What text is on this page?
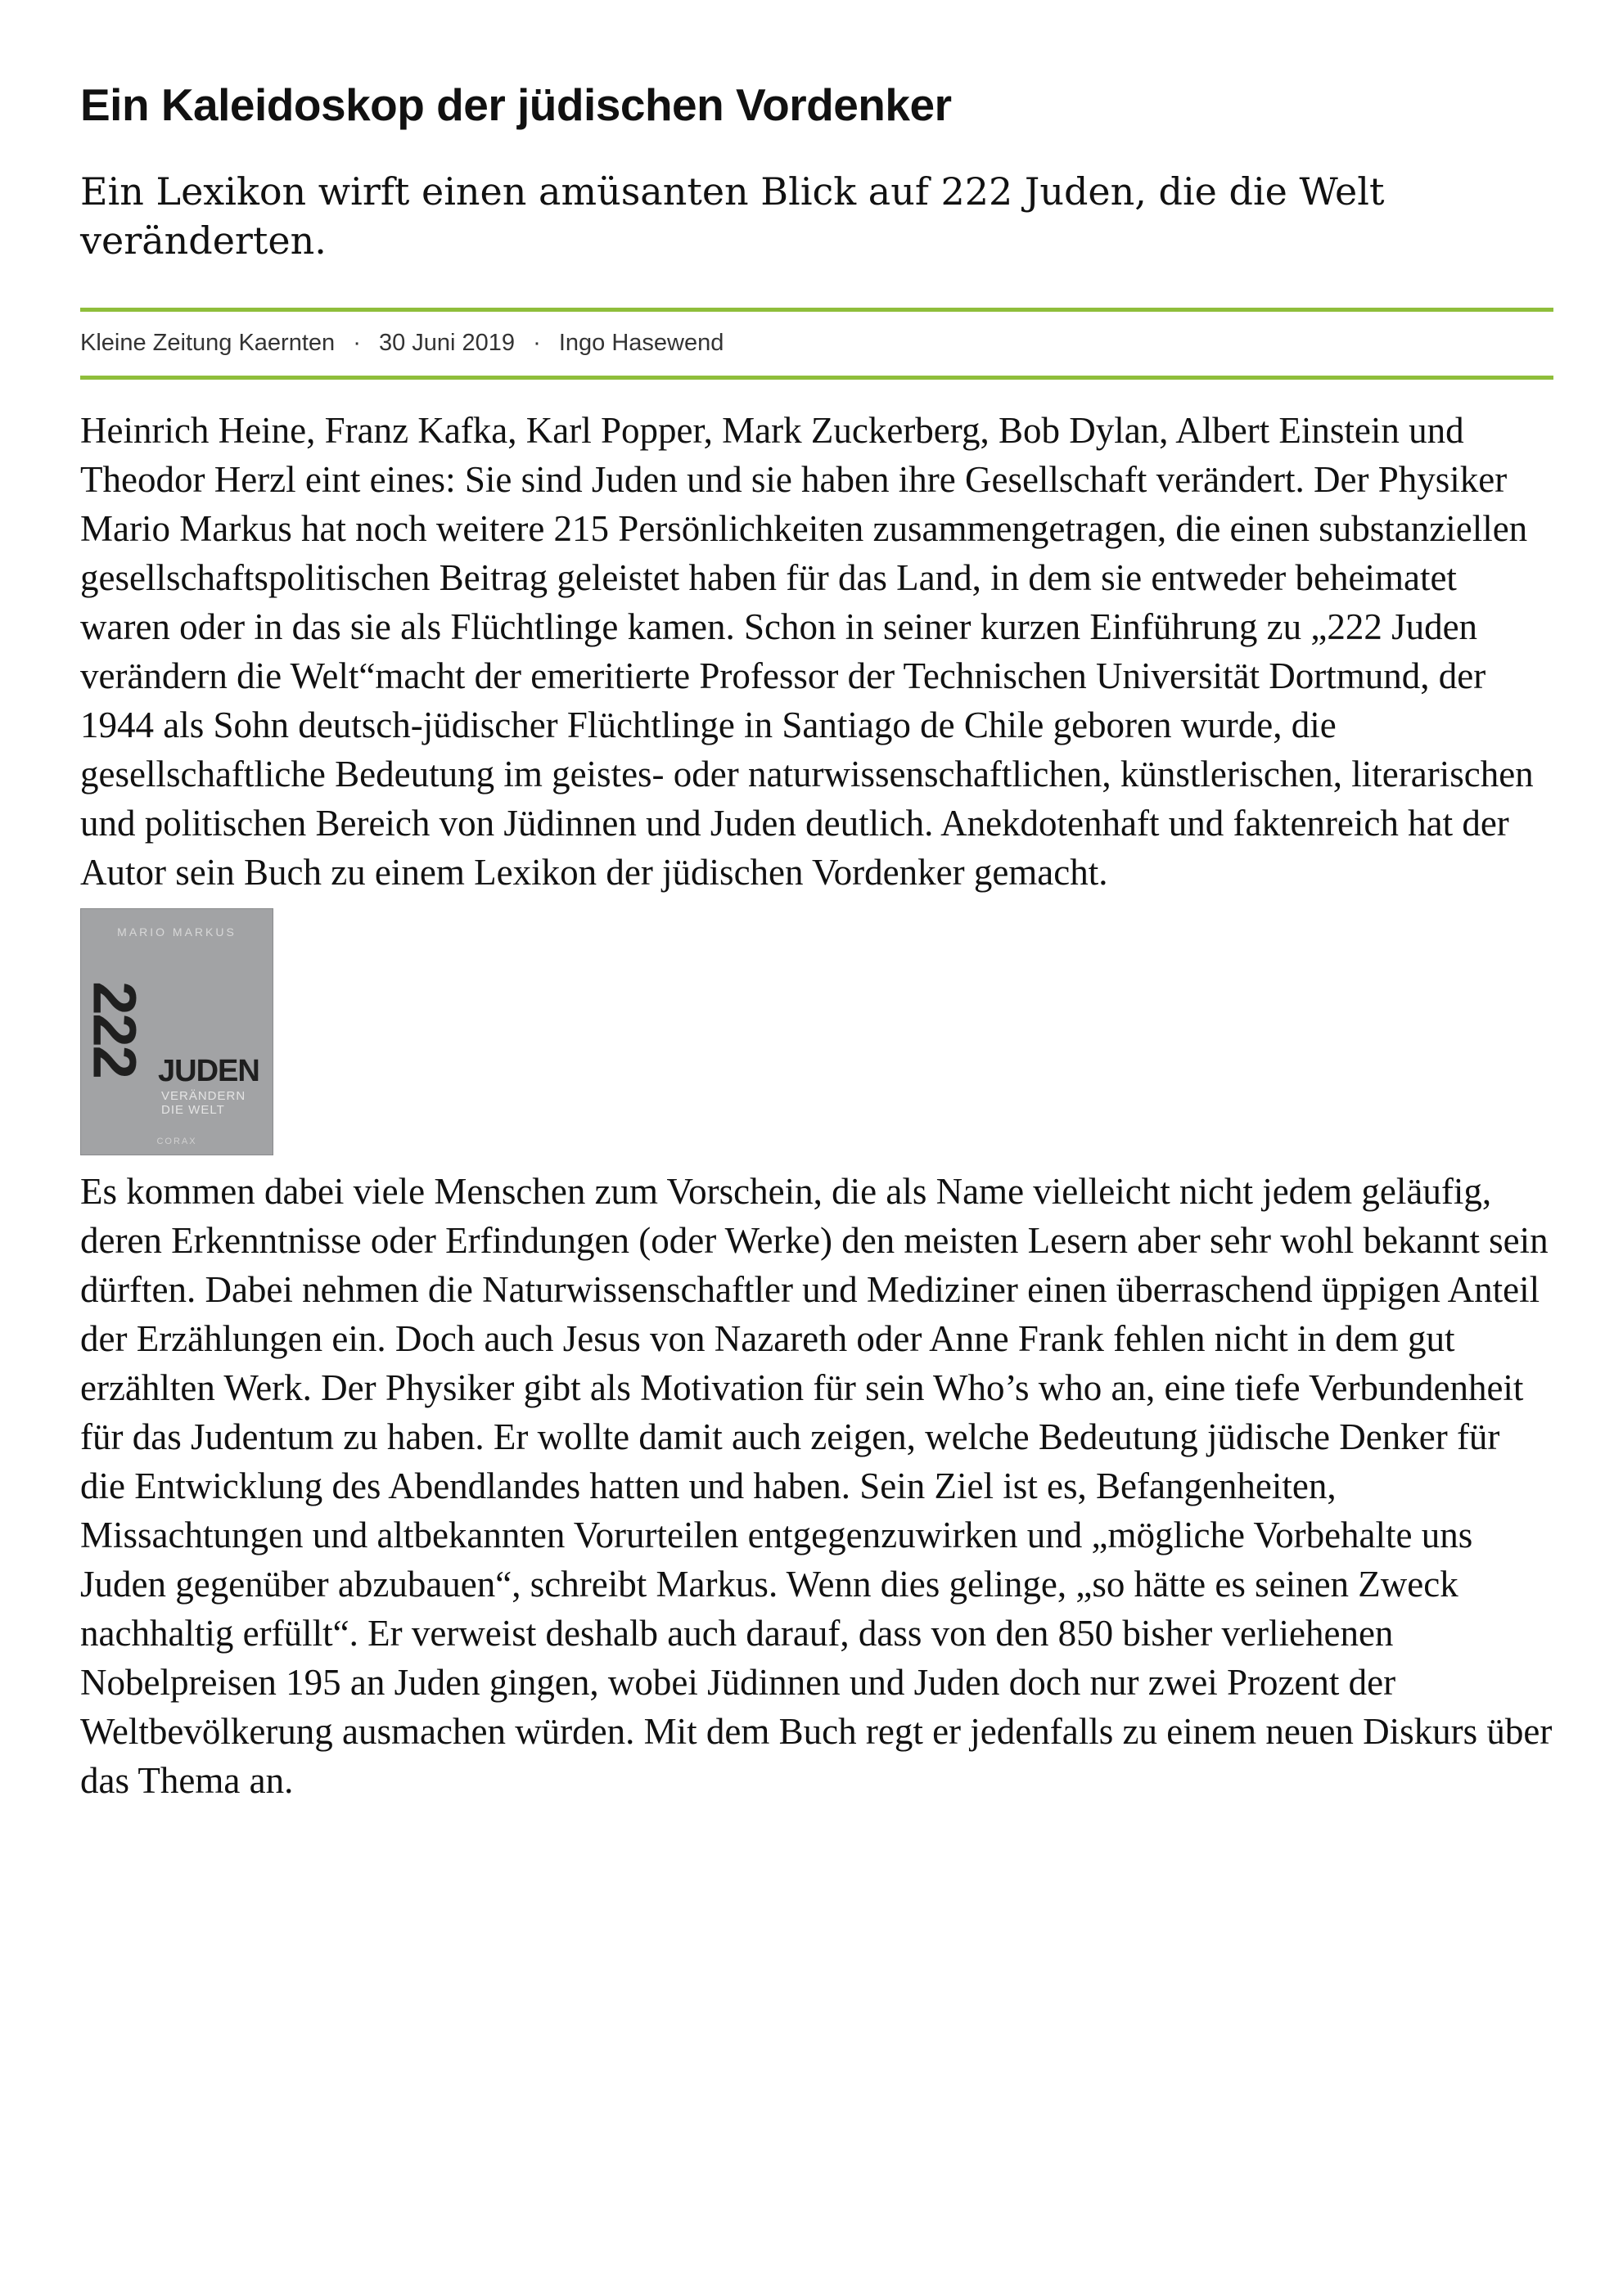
Ein Kaleidoskop der jüdischen Vordenker

Ein Lexikon wirft einen amüsanten Blick auf 222 Juden, die die Welt veränderten.

Kleine Zeitung Kaernten · 30 Juni 2019 · Ingo Hasewend

Heinrich Heine, Franz Kafka, Karl Popper, Mark Zuckerberg, Bob Dylan, Albert Einstein und Theodor Herzl eint eines: Sie sind Juden und sie haben ihre Gesellschaft verändert. Der Physiker Mario Markus hat noch weitere 215 Persönlichkeiten zusammengetragen, die einen substanziellen gesellschaftspolitischen Beitrag geleistet haben für das Land, in dem sie entweder beheimatet waren oder in das sie als Flüchtlinge kamen. Schon in seiner kurzen Einführung zu „222 Juden verändern die Welt“macht der emeritierte Professor der Technischen Universität Dortmund, der 1944 als Sohn deutsch-jüdischer Flüchtlinge in Santiago de Chile geboren wurde, die gesellschaftliche Bedeutung im geistes- oder naturwissenschaftlichen, künstlerischen, literarischen und politischen Bereich von Jüdinnen und Juden deutlich. Anekdotenhaft und faktenreich hat der Autor sein Buch zu einem Lexikon der jüdischen Vordenker gemacht.

MARIO MARKUS
222 JUDEN
VERÄNDERN
DIE WELT
CORAX

Es kommen dabei viele Menschen zum Vorschein, die als Name vielleicht nicht jedem geläufig, deren Erkenntnisse oder Erfindungen (oder Werke) den meisten Lesern aber sehr wohl bekannt sein dürften. Dabei nehmen die Naturwissenschaftler und Mediziner einen überraschend üppigen Anteil der Erzählungen ein. Doch auch Jesus von Nazareth oder Anne Frank fehlen nicht in dem gut erzählten Werk. Der Physiker gibt als Motivation für sein Who’s who an, eine tiefe Verbundenheit für das Judentum zu haben. Er wollte damit auch zeigen, welche Bedeutung jüdische Denker für die Entwicklung des Abendlandes hatten und haben. Sein Ziel ist es, Befangenheiten, Missachtungen und altbekannten Vorurteilen entgegenzuwirken und „mögliche Vorbehalte uns Juden gegenüber abzubauen“, schreibt Markus. Wenn dies gelinge, „so hätte es seinen Zweck nachhaltig erfüllt“. Er verweist deshalb auch darauf, dass von den 850 bisher verliehenen Nobelpreisen 195 an Juden gingen, wobei Jüdinnen und Juden doch nur zwei Prozent der Weltbevölkerung ausmachen würden. Mit dem Buch regt er jedenfalls zu einem neuen Diskurs über das Thema an.
